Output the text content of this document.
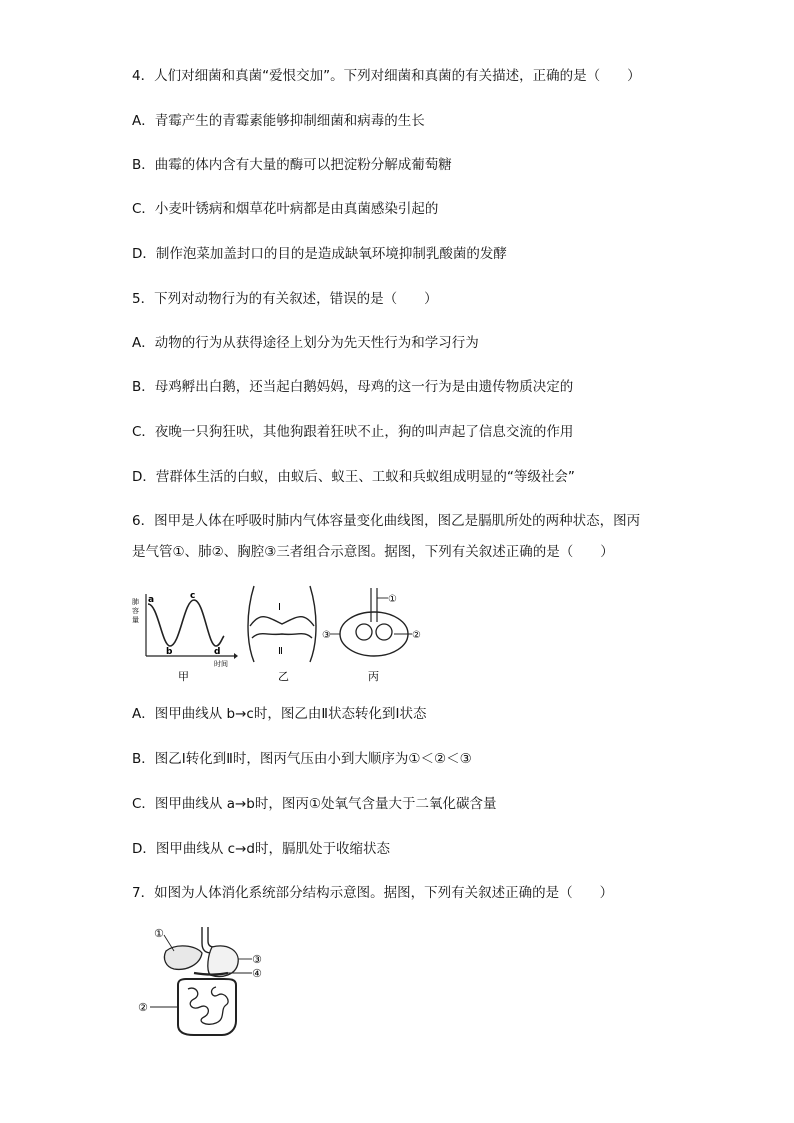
4．人们对细菌和真菌“爱恨交加”。下列对细菌和真菌的有关描述，正确的是（　　）
A．青霉产生的青霉素能够抑制细菌和病毒的生长
B．曲霉的体内含有大量的酶可以把淀粉分解成葡萄糖
C．小麦叶锈病和烟草花叶病都是由真菌感染引起的
D．制作泡菜加盖封口的目的是造成缺氧环境抑制乳酸菌的发酵
5．下列对动物行为的有关叙述，错误的是（　　）
A．动物的行为从获得途径上划分为先天性行为和学习行为
B．母鸡孵出白鹅，还当起白鹅妈妈，母鸡的这一行为是由遗传物质决定的
C．夜晚一只狗狂吠，其他狗跟着狂吠不止，狗的叫声起了信息交流的作用
D．营群体生活的白蚁，由蚁后、蚁王、工蚁和兵蚁组成明显的“等级社会”
6．图甲是人体在呼吸时肺内气体容量变化曲线图，图乙是膈肌所处的两种状态，图丙
是气管①、肺②、胸腔③三者组合示意图。据图，下列有关叙述正确的是（　　）
肺容量
a
b
c
d
时间
甲
Ⅰ
Ⅱ
乙
①
②
③
丙
A．图甲曲线从 b→c时，图乙由Ⅱ状态转化到Ⅰ状态
B．图乙Ⅰ转化到Ⅱ时，图丙气压由小到大顺序为①＜②＜③
C．图甲曲线从 a→b时，图丙①处氧气含量大于二氧化碳含量
D．图甲曲线从 c→d时，膈肌处于收缩状态
7．如图为人体消化系统部分结构示意图。据图，下列有关叙述正确的是（　　）
①
②
③
④
